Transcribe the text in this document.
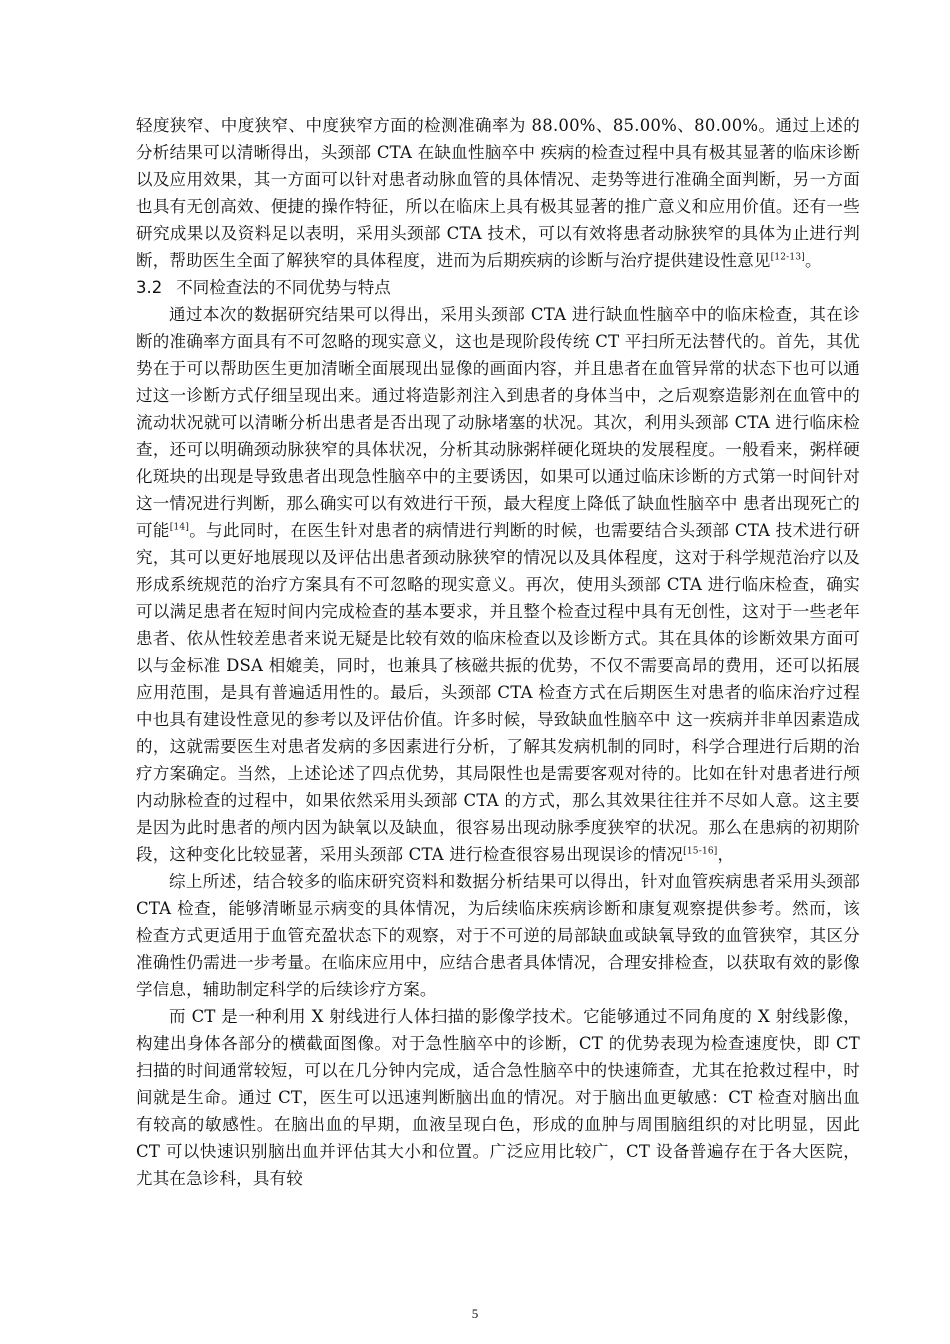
轻度狭窄、中度狭窄、中度狭窄方面的检测准确率为 88.00%、85.00%、80.00%。通过上述的分析结果可以清晰得出，头颈部 CTA 在缺血性脑卒中 疾病的检查过程中具有极其显著的临床诊断以及应用效果，其一方面可以针对患者动脉血管的具体情况、走势等进行准确全面判断，另一方面也具有无创高效、便捷的操作特征，所以在临床上具有极其显著的推广意义和应用价值。还有一些研究成果以及资料足以表明，采用头颈部 CTA 技术，可以有效将患者动脉狭窄的具体为止进行判断，帮助医生全面了解狭窄的具体程度，进而为后期疾病的诊断与治疗提供建设性意见[12-13]。

3.2 不同检查法的不同优势与特点

通过本次的数据研究结果可以得出，采用头颈部 CTA 进行缺血性脑卒中的临床检查，其在诊断的准确率方面具有不可忽略的现实意义，这也是现阶段传统 CT 平扫所无法替代的。首先，其优势在于可以帮助医生更加清晰全面展现出显像的画面内容，并且患者在血管异常的状态下也可以通过这一诊断方式仔细呈现出来。通过将造影剂注入到患者的身体当中，之后观察造影剂在血管中的流动状况就可以清晰分析出患者是否出现了动脉堵塞的状况。其次，利用头颈部 CTA 进行临床检查，还可以明确颈动脉狭窄的具体状况，分析其动脉粥样硬化斑块的发展程度。一般看来，粥样硬化斑块的出现是导致患者出现急性脑卒中的主要诱因，如果可以通过临床诊断的方式第一时间针对这一情况进行判断，那么确实可以有效进行干预，最大程度上降低了缺血性脑卒中 患者出现死亡的可能[14]。与此同时，在医生针对患者的病情进行判断的时候，也需要结合头颈部 CTA 技术进行研究，其可以更好地展现以及评估出患者颈动脉狭窄的情况以及具体程度，这对于科学规范治疗以及形成系统规范的治疗方案具有不可忽略的现实意义。再次，使用头颈部 CTA 进行临床检查，确实可以满足患者在短时间内完成检查的基本要求，并且整个检查过程中具有无创性，这对于一些老年患者、依从性较差患者来说无疑是比较有效的临床检查以及诊断方式。其在具体的诊断效果方面可以与金标准 DSA 相媲美，同时，也兼具了核磁共振的优势，不仅不需要高昂的费用，还可以拓展应用范围，是具有普遍适用性的。最后，头颈部 CTA 检查方式在后期医生对患者的临床治疗过程中也具有建设性意见的参考以及评估价值。许多时候，导致缺血性脑卒中 这一疾病并非单因素造成的，这就需要医生对患者发病的多因素进行分析，了解其发病机制的同时，科学合理进行后期的治疗方案确定。当然，上述论述了四点优势，其局限性也是需要客观对待的。比如在针对患者进行颅内动脉检查的过程中，如果依然采用头颈部 CTA 的方式，那么其效果往往并不尽如人意。这主要是因为此时患者的颅内因为缺氧以及缺血，很容易出现动脉季度狭窄的状况。那么在患病的初期阶段，这种变化比较显著，采用头颈部 CTA 进行检查很容易出现误诊的情况[15-16]，

综上所述，结合较多的临床研究资料和数据分析结果可以得出，针对血管疾病患者采用头颈部 CTA 检查，能够清晰显示病变的具体情况，为后续临床疾病诊断和康复观察提供参考。然而，该检查方式更适用于血管充盈状态下的观察，对于不可逆的局部缺血或缺氧导致的血管狭窄，其区分准确性仍需进一步考量。在临床应用中，应结合患者具体情况，合理安排检查，以获取有效的影像学信息，辅助制定科学的后续诊疗方案。

而 CT 是一种利用 X 射线进行人体扫描的影像学技术。它能够通过不同角度的 X 射线影像，构建出身体各部分的横截面图像。对于急性脑卒中的诊断，CT 的优势表现为检查速度快，即 CT 扫描的时间通常较短，可以在几分钟内完成，适合急性脑卒中的快速筛查，尤其在抢救过程中，时间就是生命。通过 CT，医生可以迅速判断脑出血的情况。对于脑出血更敏感：CT 检查对脑出血有较高的敏感性。在脑出血的早期，血液呈现白色，形成的血肿与周围脑组织的对比明显，因此 CT 可以快速识别脑出血并评估其大小和位置。广泛应用比较广，CT 设备普遍存在于各大医院，尤其在急诊科，具有较

5
